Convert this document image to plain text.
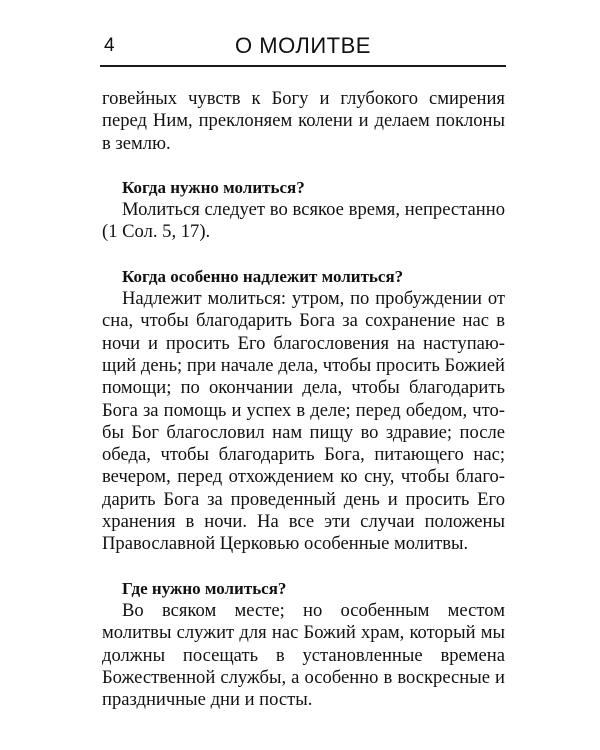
4	О МОЛИТВЕ

говейных чувств к Богу и глубокого смирения перед Ним, преклоняем колени и делаем поклоны в землю.

Когда нужно молиться?

Молиться следует во всякое время, непрестанно (1 Сол. 5, 17).

Когда особенно надлежит молиться?

Надлежит молиться: утром, по пробуждении от сна, чтобы благодарить Бога за сохранение нас в ночи и просить Его благословения на наступающий день; при начале дела, чтобы просить Божией помощи; по окончании дела, чтобы благодарить Бога за помощь и успех в деле; перед обедом, чтобы Бог благословил нам пищу во здравие; после обеда, чтобы благодарить Бога, питающего нас; вечером, перед отхождением ко сну, чтобы благодарить Бога за проведенный день и просить Его хранения в ночи. На все эти случаи положены Православной Церковью особенные молитвы.

Где нужно молиться?

Во всяком месте; но особенным местом молитвы служит для нас Божий храм, который мы должны посещать в установленные времена Божественной службы, а особенно в воскресные и праздничные дни и посты.
